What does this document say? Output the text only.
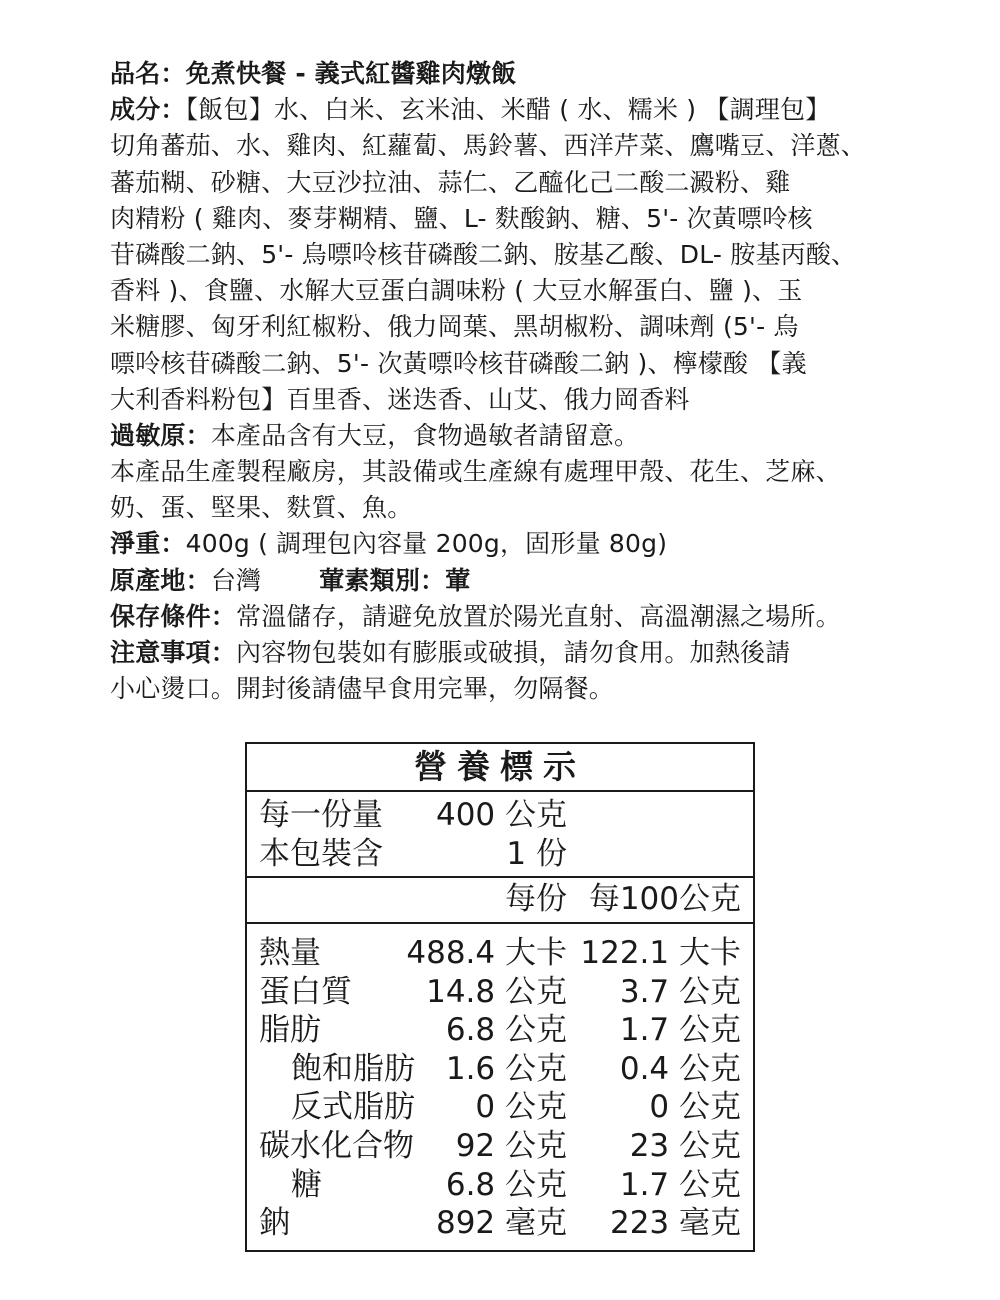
品名：免煮快餐 - 義式紅醬雞肉燉飯
成分：【飯包】水、白米、玄米油、米醋 ( 水、糯米 ) 【調理包】
切角蕃茄、水、雞肉、紅蘿蔔、馬鈴薯、西洋芹菜、鷹嘴豆、洋蔥、
蕃茄糊、砂糖、大豆沙拉油、蒜仁、乙醯化己二酸二澱粉、雞
肉精粉 ( 雞肉、麥芽糊精、鹽、L- 麩酸鈉、糖、5'- 次黃嘌呤核
苷磷酸二鈉、5'- 烏嘌呤核苷磷酸二鈉、胺基乙酸、DL- 胺基丙酸、
香料 )、食鹽、水解大豆蛋白調味粉 ( 大豆水解蛋白、鹽 )、玉
米糖膠、匈牙利紅椒粉、俄力岡葉、黑胡椒粉、調味劑 (5'- 烏
嘌呤核苷磷酸二鈉、5'- 次黃嘌呤核苷磷酸二鈉 )、檸檬酸 【義
大利香料粉包】百里香、迷迭香、山艾、俄力岡香料
過敏原：本產品含有大豆，食物過敏者請留意。
本產品生產製程廠房，其設備或生產線有處理甲殼、花生、芝麻、
奶、蛋、堅果、麩質、魚。
淨重：400g ( 調理包內容量 200g，固形量 80g)
原產地：台灣 葷素類別：葷
保存條件：常溫儲存，請避免放置於陽光直射、高溫潮濕之場所。
注意事項：內容物包裝如有膨脹或破損，請勿食用。加熱後請
小心燙口。開封後請儘早食用完畢，勿隔餐。
營養標示
每一份量 400 公克
本包裝含	1 份
每份 每100公克
熱量	488.4 大卡 122.1 大卡
蛋白質 14.8 公克 3.7 公克
脂肪	6.8 公克 1.7 公克
飽和脂肪 1.6 公克 0.4 公克
反式脂肪 0 公克	0 公克
碳水化合物 92 公克 23 公克
糖	6.8 公克 1.7 公克
鈉	892 毫克 223 毫克
